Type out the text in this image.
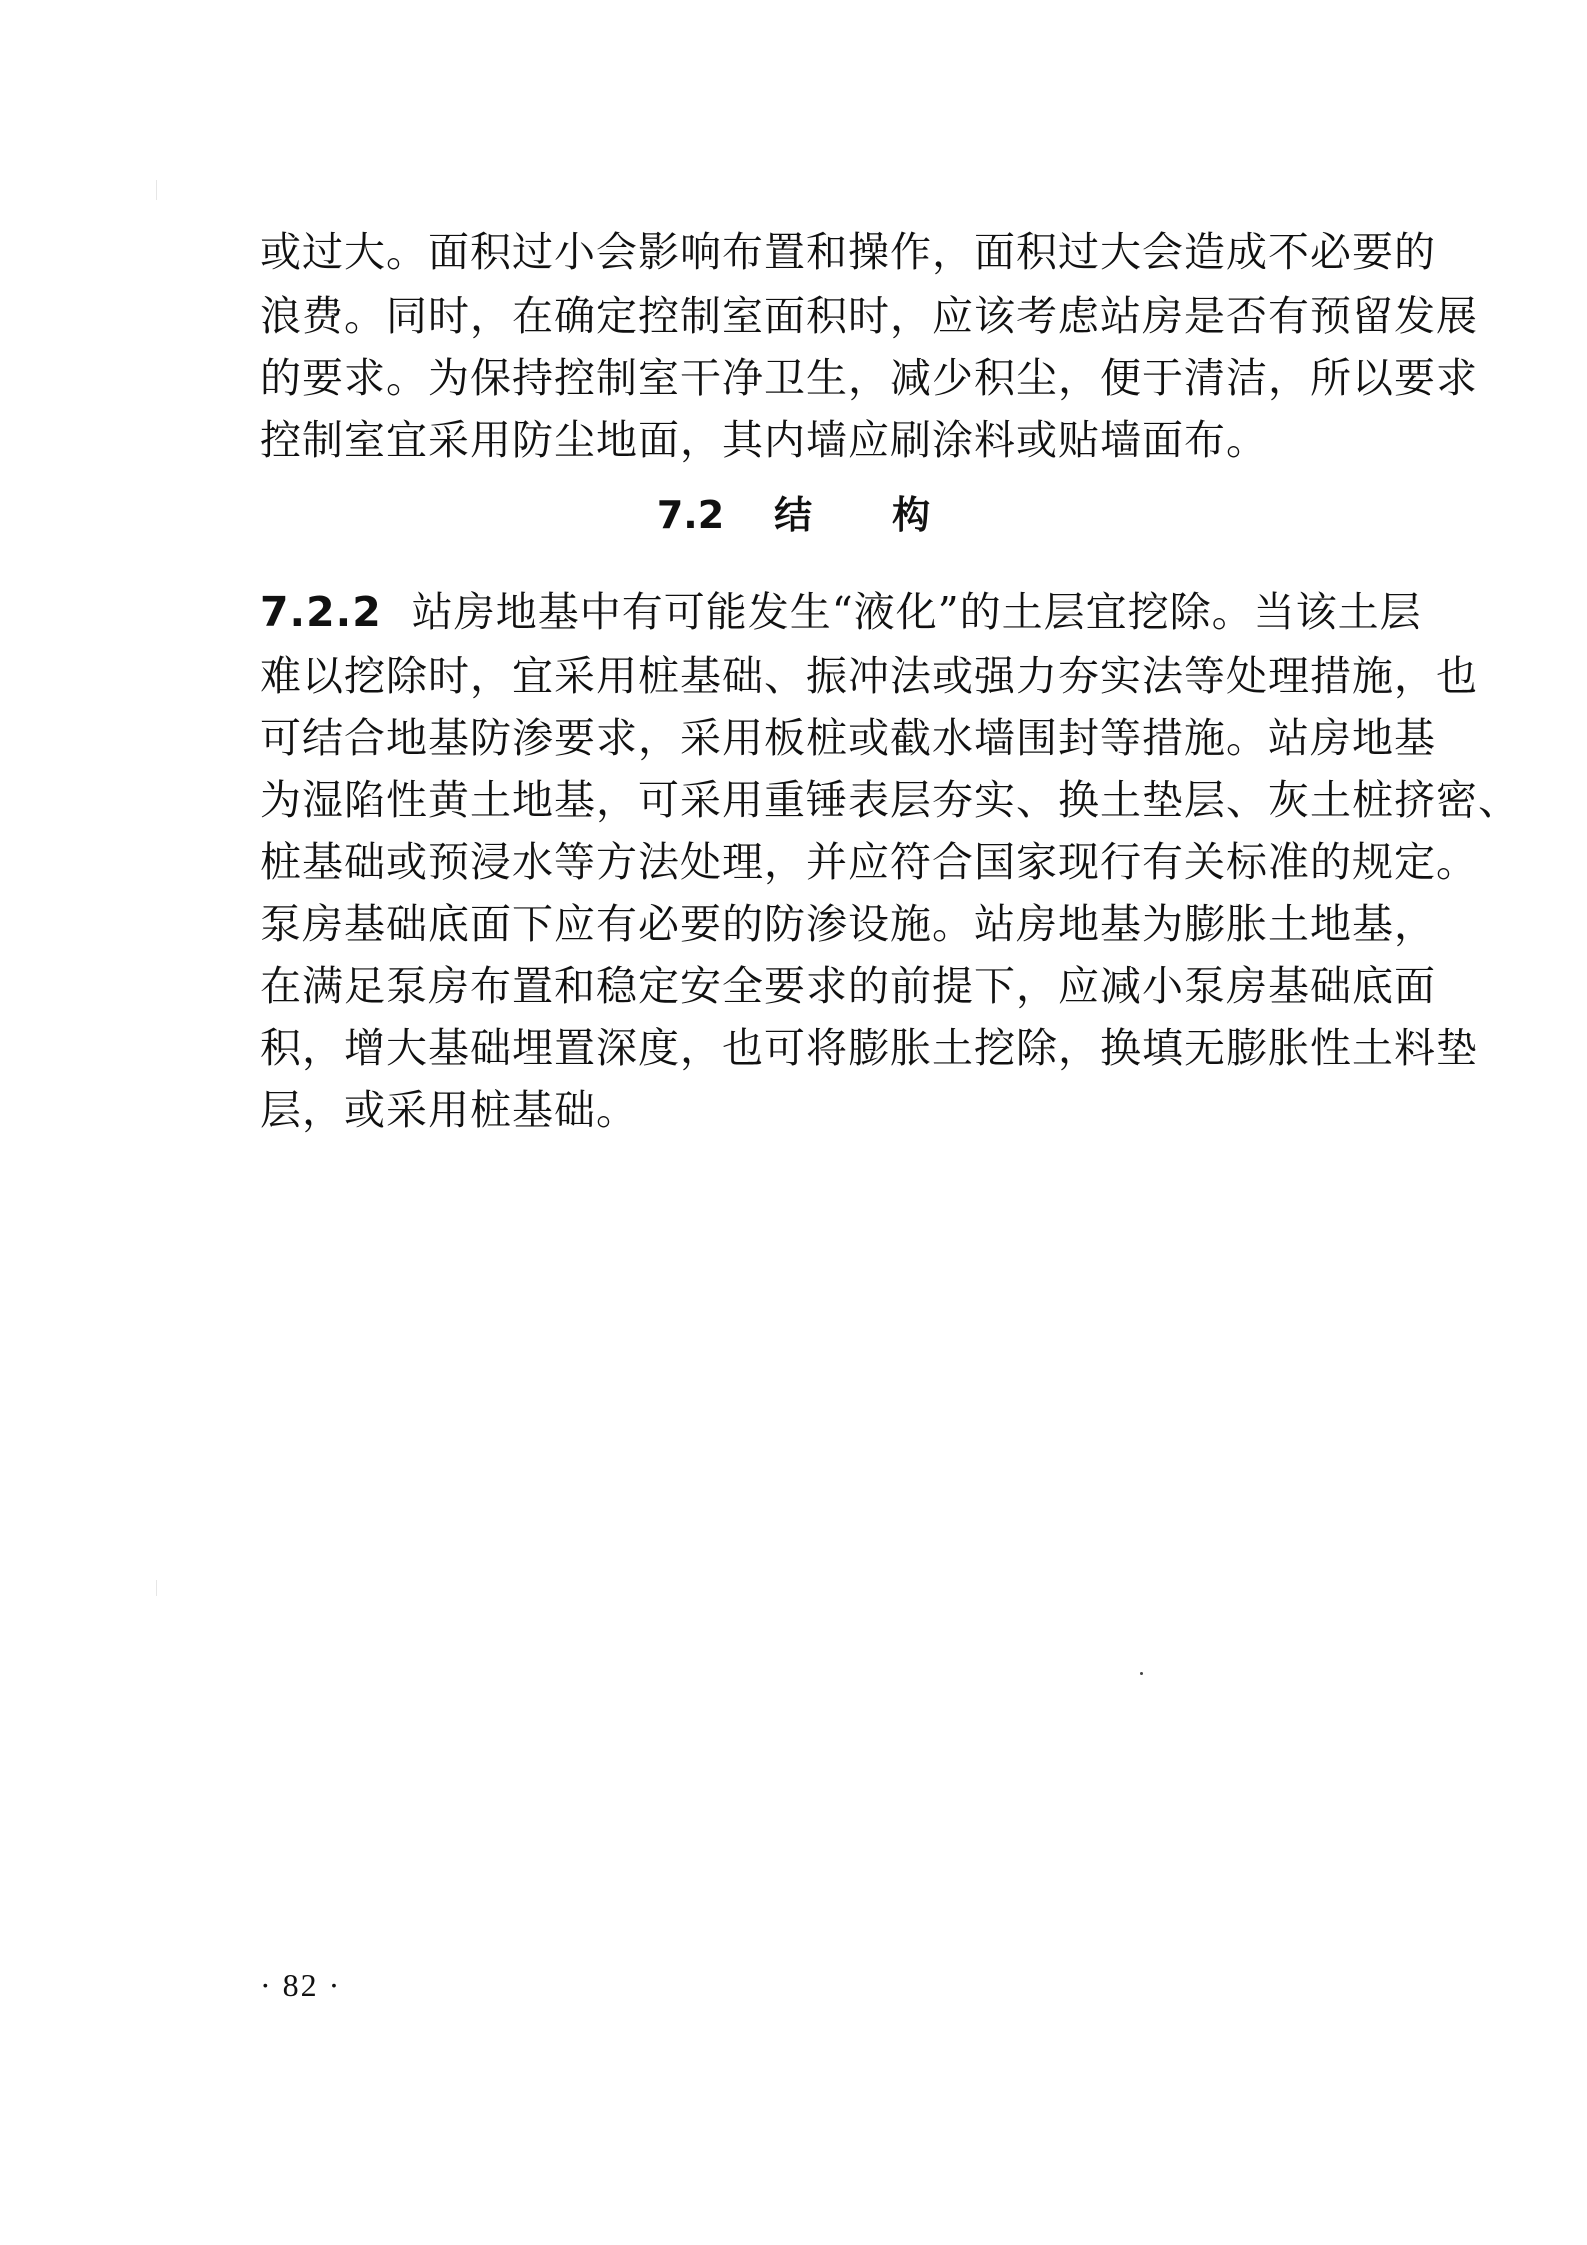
或过大。面积过小会影响布置和操作，面积过大会造成不必要的
浪费。同时，在确定控制室面积时，应该考虑站房是否有预留发展
的要求。为保持控制室干净卫生，减少积尘，便于清洁，所以要求
控制室宜采用防尘地面，其内墙应刷涂料或贴墙面布。
7.2 结 构
7.2.2 站房地基中有可能发生“液化”的土层宜挖除。当该土层
难以挖除时，宜采用桩基础、振冲法或强力夯实法等处理措施，也
可结合地基防渗要求，采用板桩或截水墙围封等措施。站房地基
为湿陷性黄土地基，可采用重锤表层夯实、换土垫层、灰土桩挤密、
桩基础或预浸水等方法处理，并应符合国家现行有关标准的规定。
泵房基础底面下应有必要的防渗设施。站房地基为膨胀土地基，
在满足泵房布置和稳定安全要求的前提下，应减小泵房基础底面
积，增大基础埋置深度，也可将膨胀土挖除，换填无膨胀性土料垫
层，或采用桩基础。
· 82 ·
